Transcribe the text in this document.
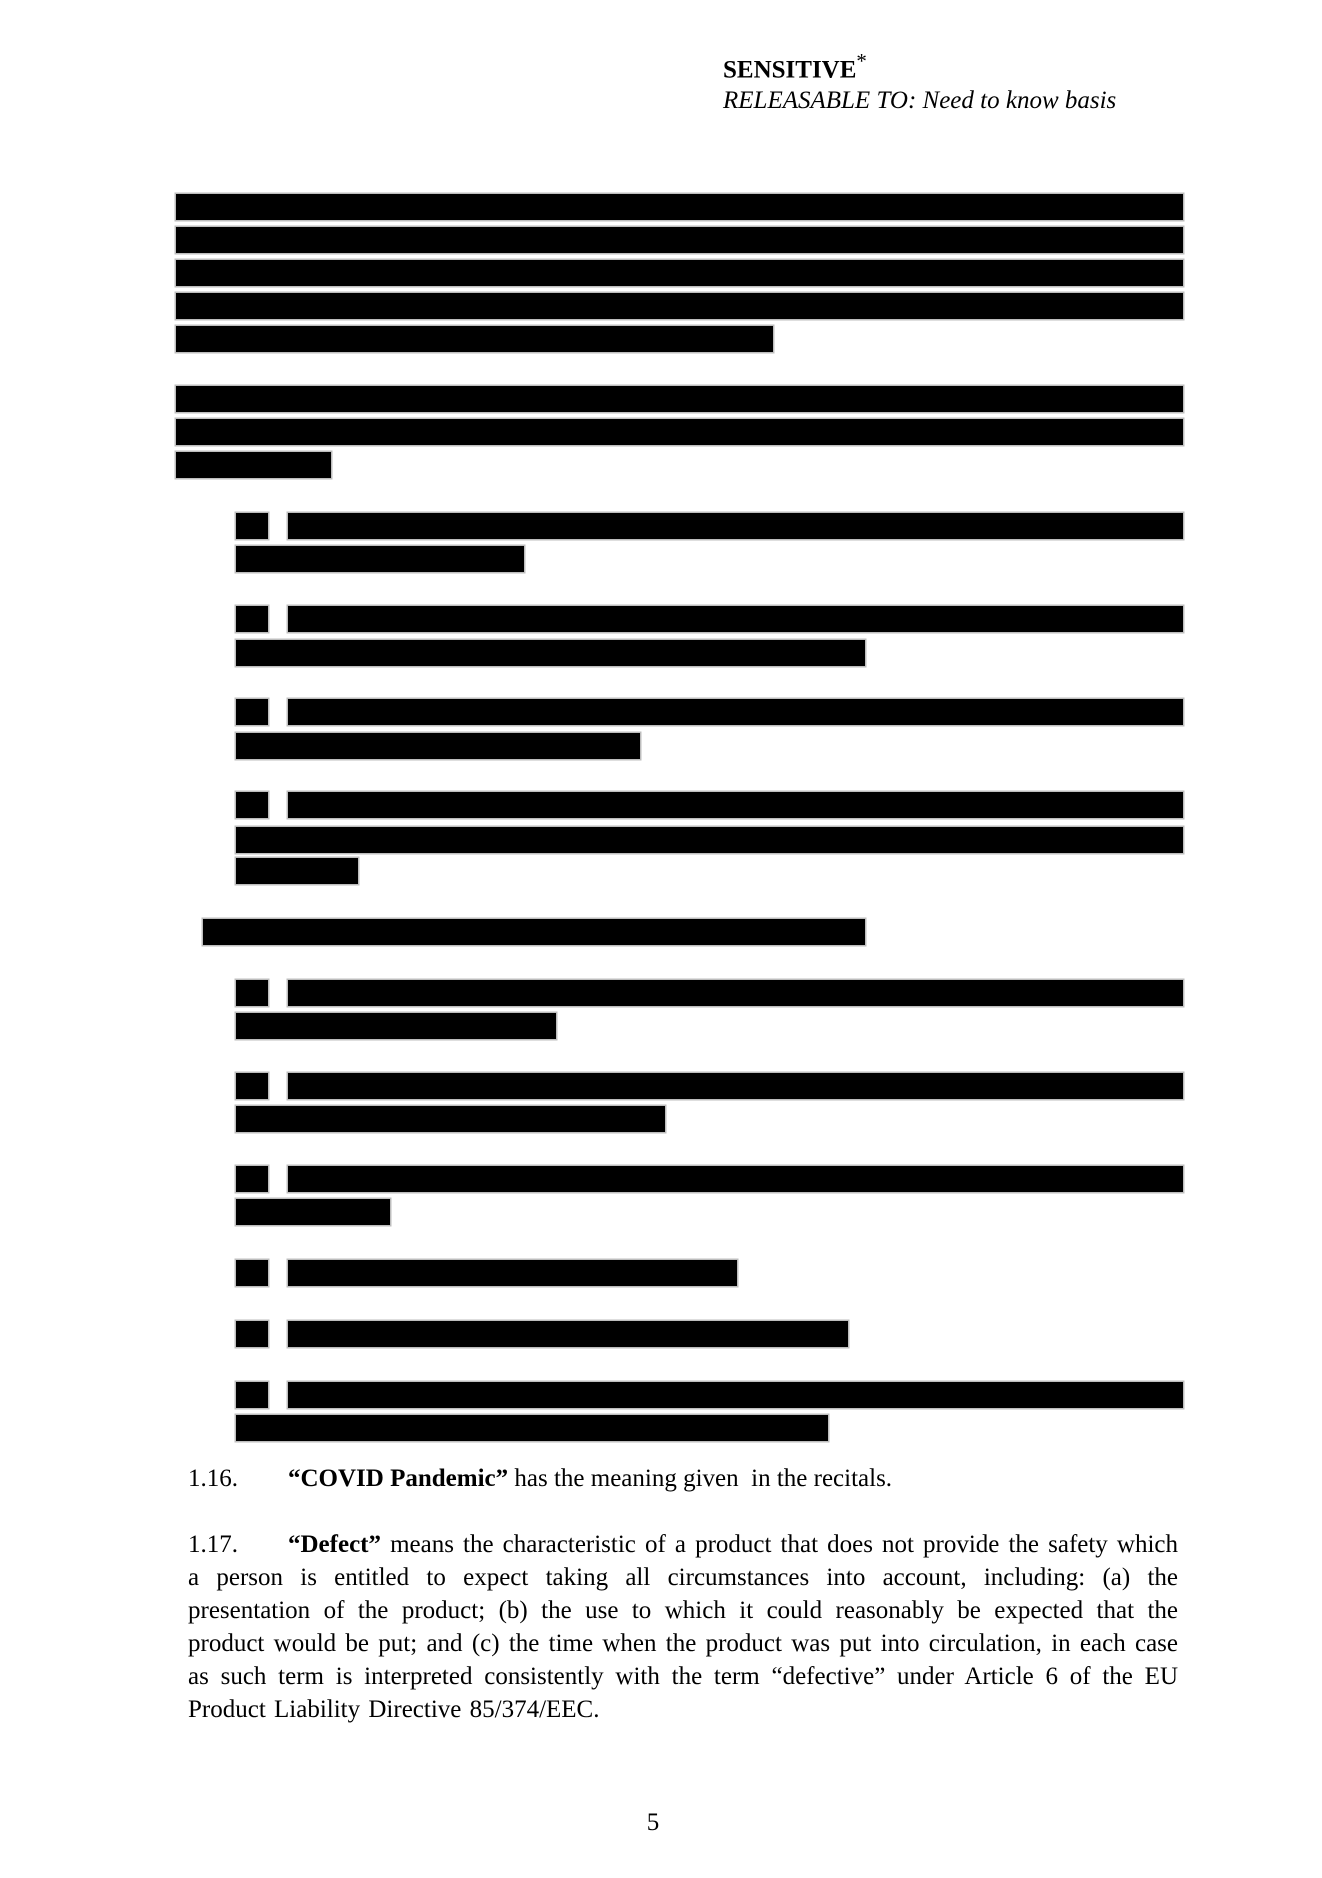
SENSITIVE*
RELEASABLE TO: Need to know basis

1.16. “COVID Pandemic” has the meaning given  in the recitals.

1.17. “Defect” means the characteristic of a product that does not provide the safety which a person is entitled to expect taking all circumstances into account, including: (a) the presentation of the product; (b) the use to which it could reasonably be expected that the product would be put; and (c) the time when the product was put into circulation, in each case as such term is interpreted consistently with the term “defective” under Article 6 of the EU Product Liability Directive 85/374/EEC.

5
